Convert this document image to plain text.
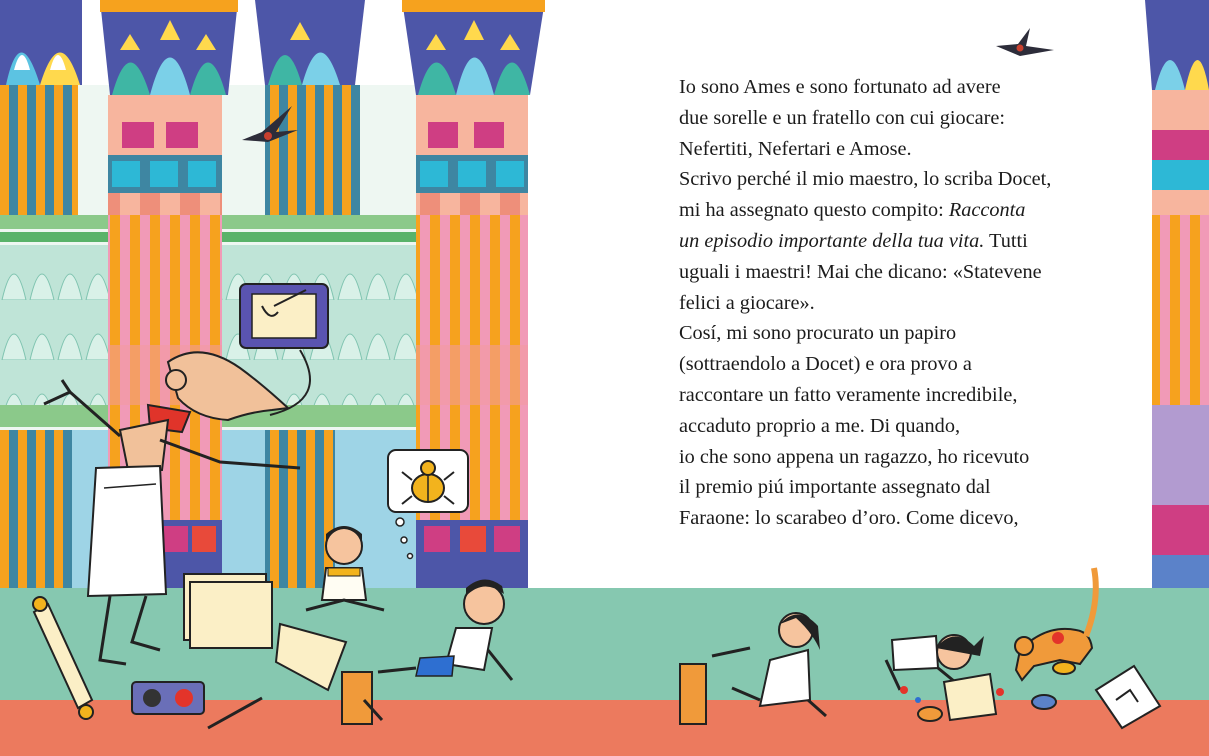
Io sono Ames e sono fortunato ad avere
due sorelle e un fratello con cui giocare:
Nefertiti, Nefertari e Amose.
Scrivo perché il mio maestro, lo scriba Docet,
mi ha assegnato questo compito: Racconta
un episodio importante della tua vita. Tutti
uguali i maestri! Mai che dicano: «Statevene
felici a giocare».
Cosí, mi sono procurato un papiro
(sottraendolo a Docet) e ora provo a
raccontare un fatto veramente incredibile,
accaduto proprio a me. Di quando,
io che sono appena un ragazzo, ho ricevuto
il premio piú importante assegnato dal
Faraone: lo scarabeo d’oro. Come dicevo,
